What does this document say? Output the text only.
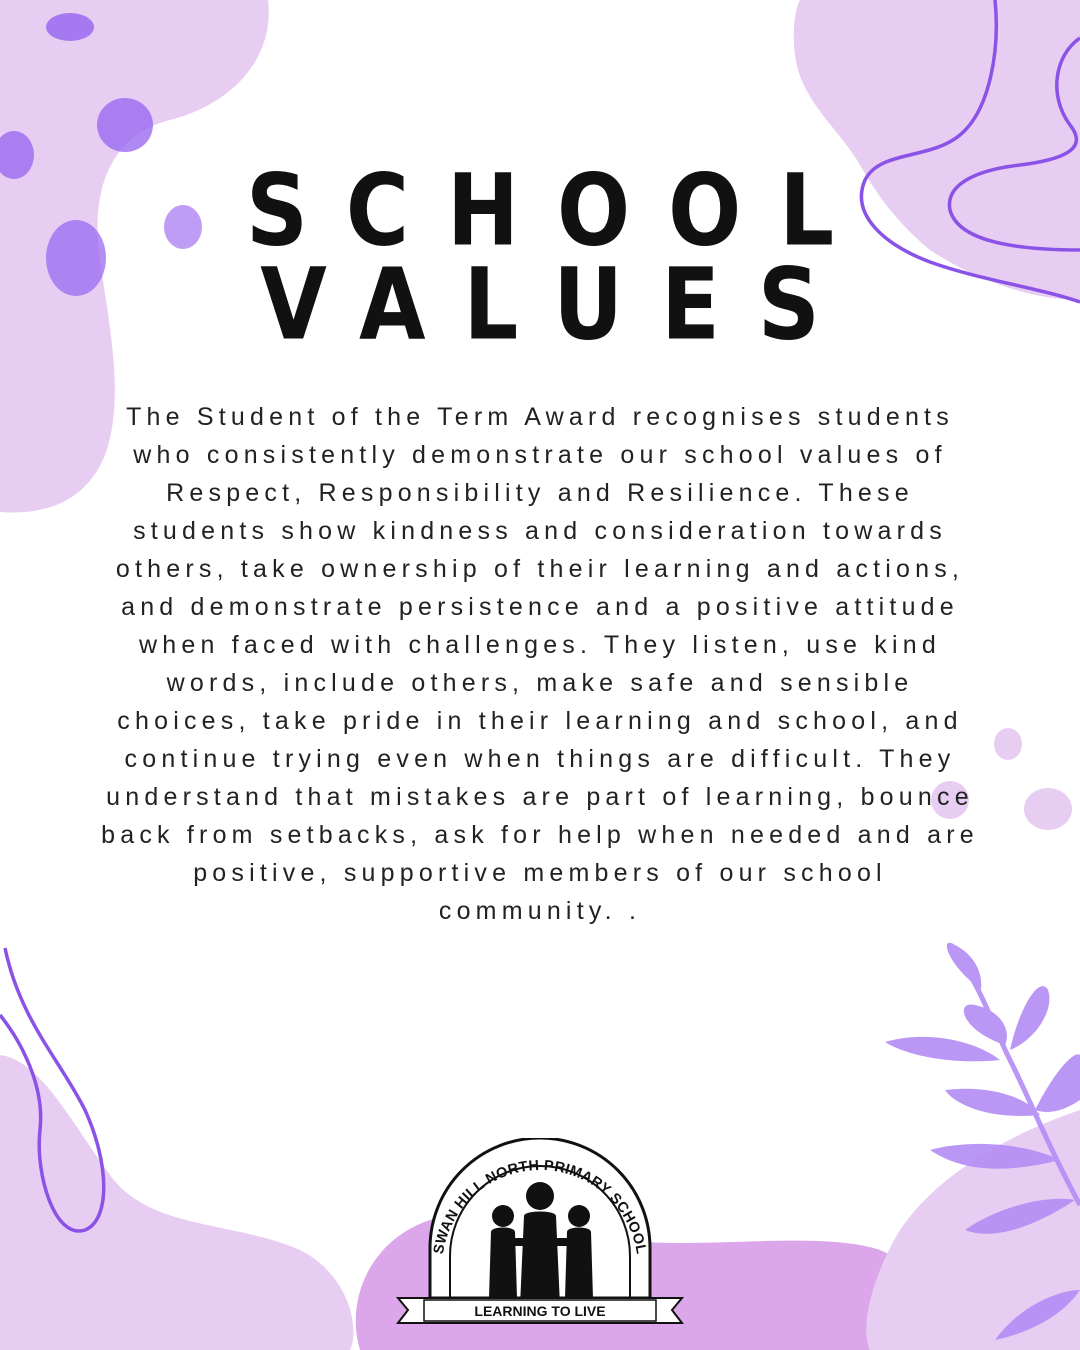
SCHOOL
VALUES
The Student of the Term Award recognises students who consistently demonstrate our school values of Respect, Responsibility and Resilience. These students show kindness and consideration towards others, take ownership of their learning and actions, and demonstrate persistence and a positive attitude when faced with challenges. They listen, use kind words, include others, make safe and sensible choices, take pride in their learning and school, and continue trying even when things are difficult. They understand that mistakes are part of learning, bounce back from setbacks, ask for help when needed and are positive, supportive members of our school community. .
SWAN HILL NORTH PRIMARY SCHOOL
LEARNING TO LIVE
